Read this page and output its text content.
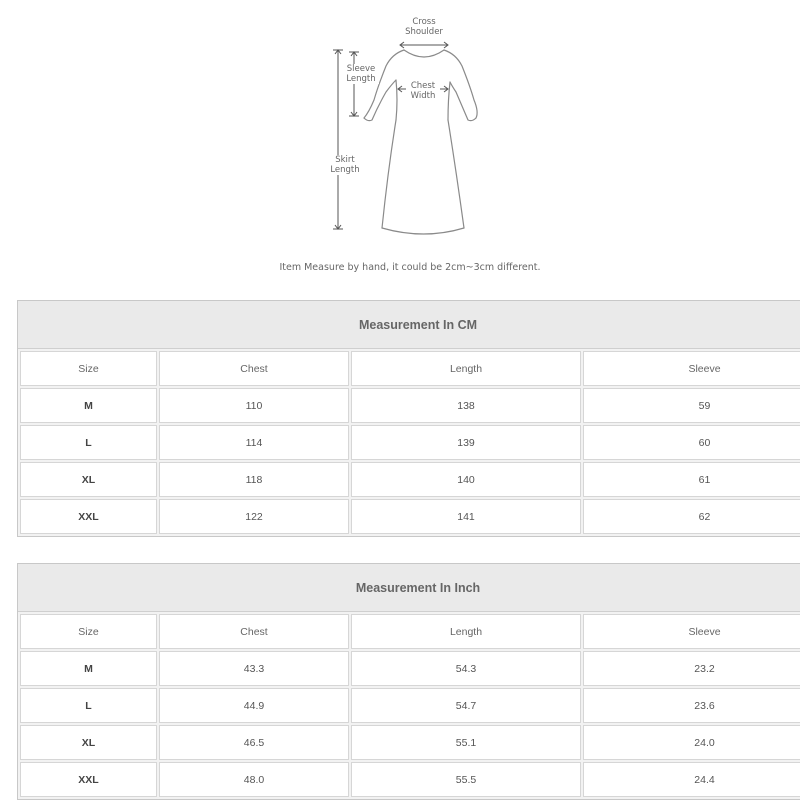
Cross
Shoulder
Sleeve
Length
Chest
Width
Skirt
Length
Item Measure by hand, it could be 2cm~3cm different.
Measurement In CM
Size	Chest	Length	Sleeve
M	110	138	59
L	114	139	60
XL	118	140	61
XXL	122	141	62
Measurement In Inch
Size	Chest	Length	Sleeve
M	43.3	54.3	23.2
L	44.9	54.7	23.6
XL	46.5	55.1	24.0
XXL	48.0	55.5	24.4
